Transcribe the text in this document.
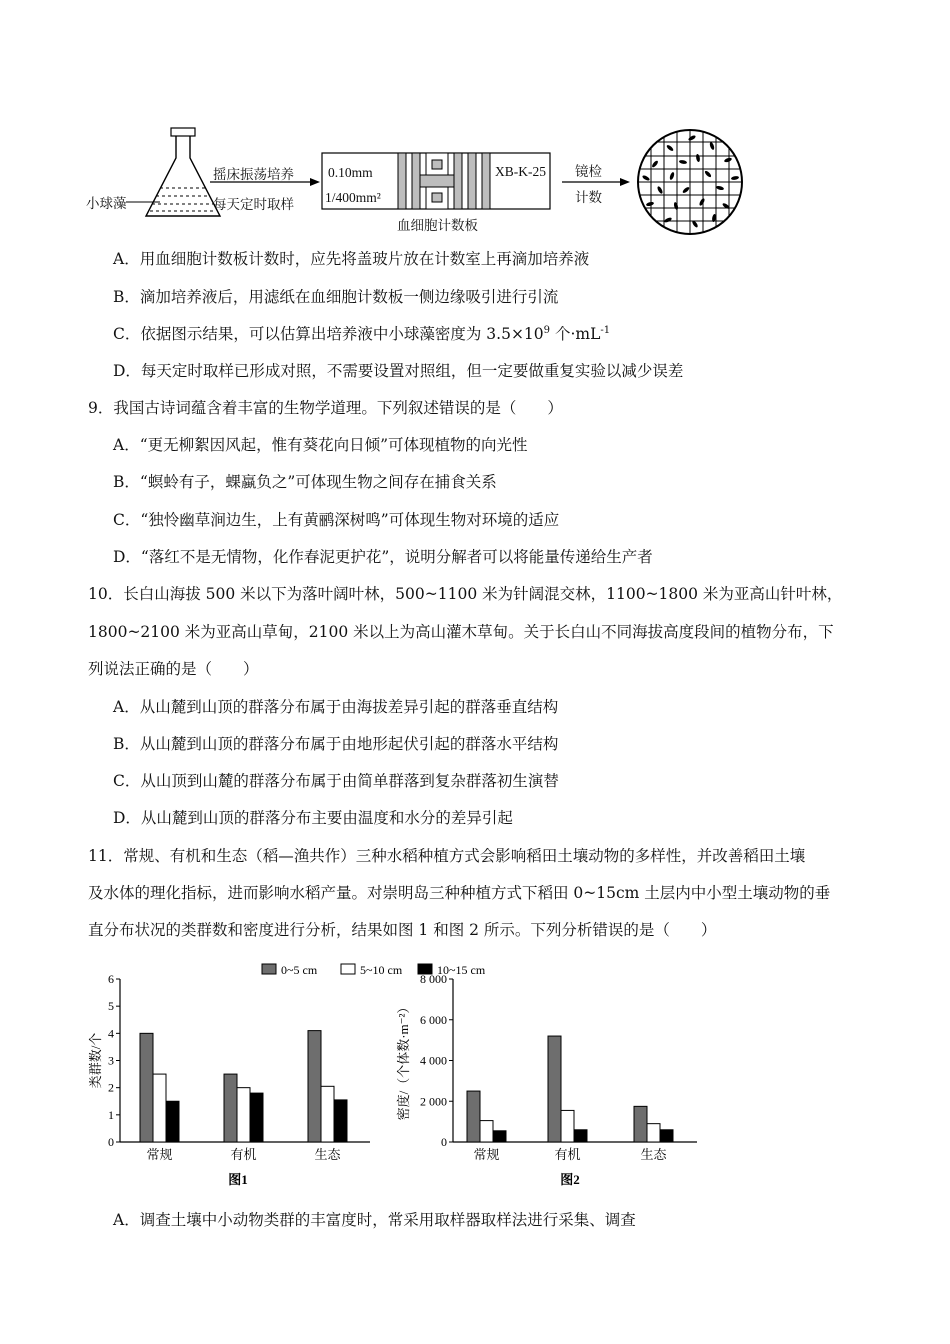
小球藻
摇床振荡培养
每天定时取样
0.10mm
1/400mm²
XB-K-25
血细胞计数板
镜检
计数
A．用血细胞计数板计数时，应先将盖玻片放在计数室上再滴加培养液
B．滴加培养液后，用滤纸在血细胞计数板一侧边缘吸引进行引流
C．依据图示结果，可以估算出培养液中小球藻密度为 $3.5\times 10^9$ 个$\cdot mL^{-1}$
D．每天定时取样已形成对照，不需要设置对照组，但一定要做重复实验以减少误差
9．我国古诗词蕴含着丰富的生物学道理。下列叙述错误的是（　　）
A．“更无柳絮因风起，惟有葵花向日倾”可体现植物的向光性
B．“螟蛉有子，蜾蠃负之”可体现生物之间存在捕食关系
C．“独怜幽草涧边生，上有黄鹂深树鸣”可体现生物对环境的适应
D．“落红不是无情物，化作春泥更护花”，说明分解者可以将能量传递给生产者
10．长白山海拔 500 米以下为落叶阔叶林，500~1100 米为针阔混交林，1100~1800 米为亚高山针叶林，
1800~2100 米为亚高山草甸，2100 米以上为高山灌木草甸。关于长白山不同海拔高度段间的植物分布，下
列说法正确的是（　　）
A．从山麓到山顶的群落分布属于由海拔差异引起的群落垂直结构
B．从山麓到山顶的群落分布属于由地形起伏引起的群落水平结构
C．从山顶到山麓的群落分布属于由简单群落到复杂群落初生演替
D．从山麓到山顶的群落分布主要由温度和水分的差异引起
11．常规、有机和生态（稻—渔共作）三种水稻种植方式会影响稻田土壤动物的多样性，并改善稻田土壤
及水体的理化指标，进而影响水稻产量。对崇明岛三种种植方式下稻田 0~15cm 土层内中小型土壤动物的垂
直分布状况的类群数和密度进行分析，结果如图 1 和图 2 所示。下列分析错误的是（　　）
0~5 cm	5~10 cm	10~15 cm
0
1
2
3
4
5
6
类群数/个
常规	有机	生态
图1
0
2 000
4 000
6 000
8 000
密度/（个体数·m⁻²）
常规	有机	生态
图2
A．调查土壤中小动物类群的丰富度时，常采用取样器取样法进行采集、调查
